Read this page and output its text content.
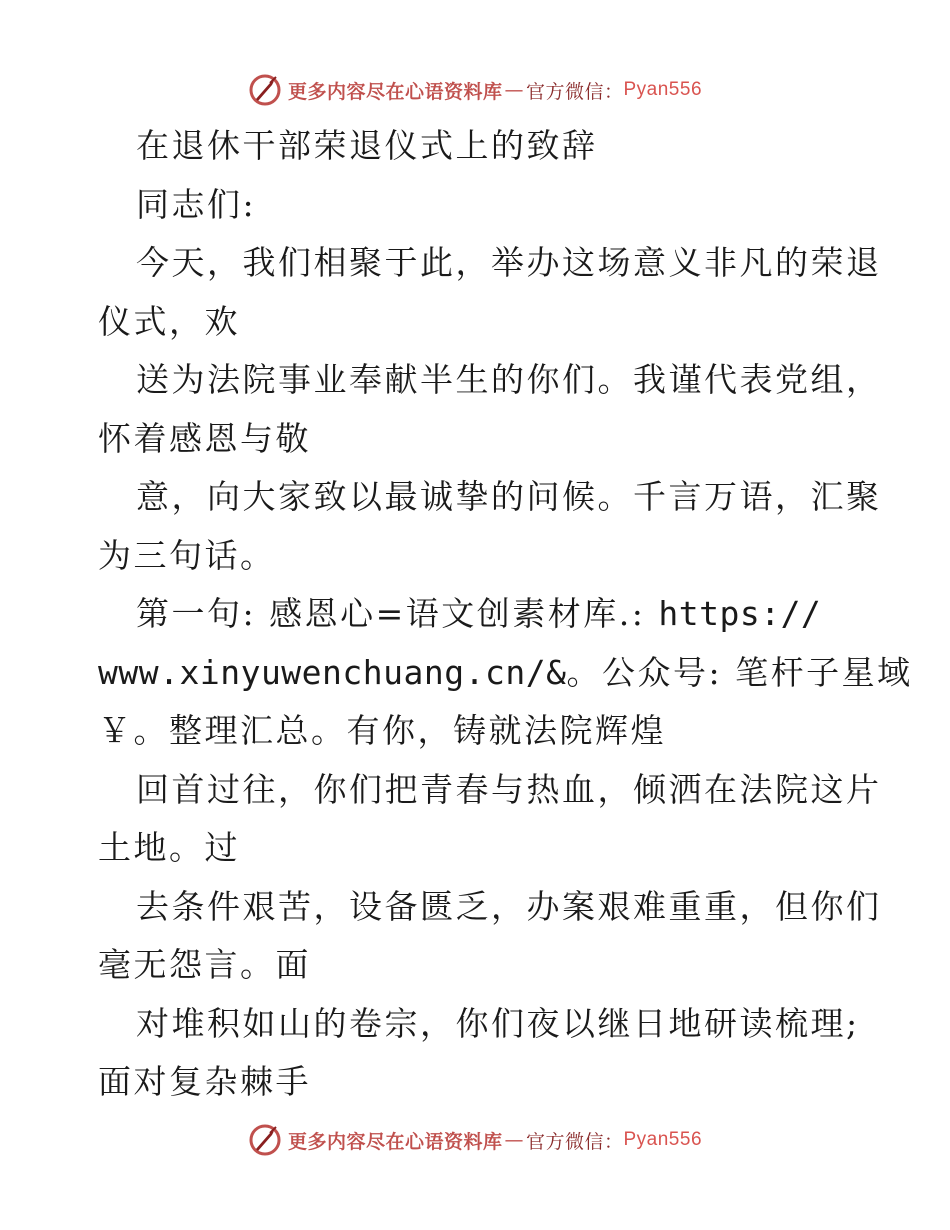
更多内容尽在心语资料库 — 官方微信： Pyan556
在退休干部荣退仪式上的致辞
同志们:
今天，我们相聚于此，举办这场意义非凡的荣退
仪式，欢
送为法院事业奉献半生的你们。我谨代表党组，
怀着感恩与敬
意，向大家致以最诚挚的问候。千言万语，汇聚
为三句话。
第一句: 感恩心=语文创素材库.: https://
www.xinyuwenchuang.cn/&。公众号: 笔杆子星域
￥。整理汇总。有你，铸就法院辉煌
回首过往，你们把青春与热血，倾洒在法院这片
土地。过
去条件艰苦，设备匮乏，办案艰难重重，但你们
毫无怨言。面
对堆积如山的卷宗，你们夜以继日地研读梳理;
面对复杂棘手
更多内容尽在心语资料库 — 官方微信： Pyan556
